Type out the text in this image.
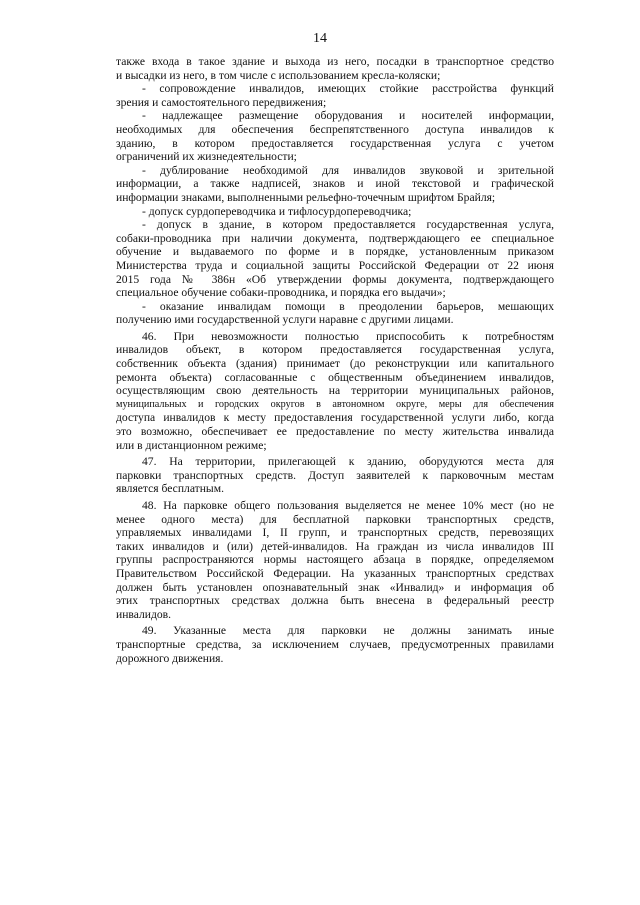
14
также входа в такое здание и выхода из него, посадки в транспортное средство
и высадки из него, в том числе с использованием кресла-коляски;
- сопровождение инвалидов, имеющих стойкие расстройства функций
зрения и самостоятельного передвижения;
- надлежащее размещение оборудования и носителей информации,
необходимых для обеспечения беспрепятственного доступа инвалидов к
зданию, в котором предоставляется государственная услуга с учетом
ограничений их жизнедеятельности;
- дублирование необходимой для инвалидов звуковой и зрительной
информации, а также надписей, знаков и иной текстовой и графической
информации знаками, выполненными рельефно-точечным шрифтом Брайля;
- допуск сурдопереводчика и тифлосурдопереводчика;
- допуск в здание, в котором предоставляется государственная услуга,
собаки-проводника при наличии документа, подтверждающего ее специальное
обучение и выдаваемого по форме и в порядке, установленным приказом
Министерства труда и социальной защиты Российской Федерации от 22 июня
2015 года № 386н «Об утверждении формы документа, подтверждающего
специальное обучение собаки-проводника, и порядка его выдачи»;
- оказание инвалидам помощи в преодолении барьеров, мешающих
получению ими государственной услуги наравне с другими лицами.
46. При невозможности полностью приспособить к потребностям
инвалидов объект, в котором предоставляется государственная услуга,
собственник объекта (здания) принимает (до реконструкции или капитального
ремонта объекта) согласованные с общественным объединением инвалидов,
осуществляющим свою деятельность на территории муниципальных районов,
муниципальных и городских округов в автономном округе, меры для обеспечения
доступа инвалидов к месту предоставления государственной услуги либо, когда
это возможно, обеспечивает ее предоставление по месту жительства инвалида
или в дистанционном режиме;
47. На территории, прилегающей к зданию, оборудуются места для
парковки транспортных средств. Доступ заявителей к парковочным местам
является бесплатным.
48. На парковке общего пользования выделяется не менее 10% мест (но не
менее одного места) для бесплатной парковки транспортных средств,
управляемых инвалидами I, II групп, и транспортных средств, перевозящих
таких инвалидов и (или) детей-инвалидов. На граждан из числа инвалидов III
группы распространяются нормы настоящего абзаца в порядке, определяемом
Правительством Российской Федерации. На указанных транспортных средствах
должен быть установлен опознавательный знак «Инвалид» и информация об
этих транспортных средствах должна быть внесена в федеральный реестр
инвалидов.
49. Указанные места для парковки не должны занимать иные
транспортные средства, за исключением случаев, предусмотренных правилами
дорожного движения.
